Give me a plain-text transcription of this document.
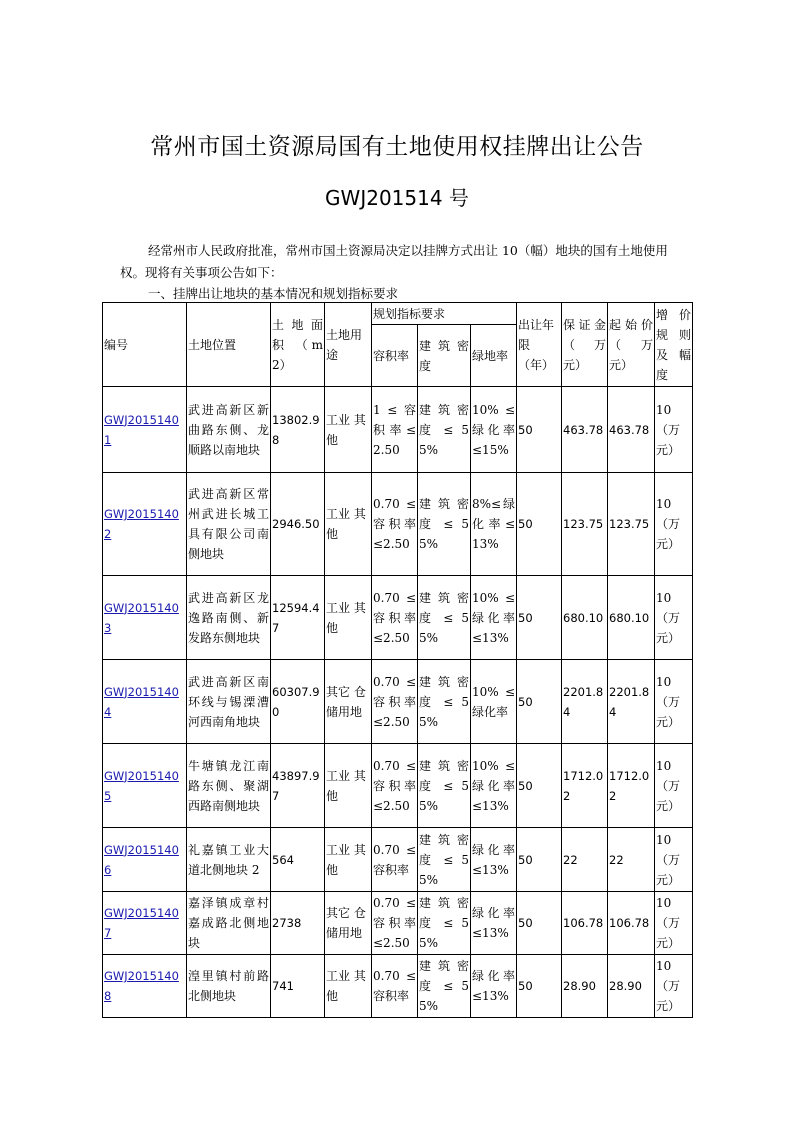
常州市国土资源局国有土地使用权挂牌出让公告
GWJ201514 号
经常州市人民政府批准，常州市国土资源局决定以挂牌方式出让 10（幅）地块的国有土地使用权。现将有关事项公告如下：
一、挂牌出让地块的基本情况和规划指标要求
编号	土地位置	土 地 面 积 （m2）	土地用途	规划指标要求			出让年限 （年）	保证金 （ 万元）	起始价 （ 万元）	增 价 规则 及 幅 度
				容积率	建 筑 密 度	绿地率				
GWJ20151401	武进高新区新曲路东侧、龙顺路以南地块	13802.98	工业 其他	1 ≤ 容积率≤ 2.50	建 筑 密 度 ≤ 55%	10% ≤ 绿化率 ≤15%	50	463.78	463.78	10（万元）
GWJ20151402	武进高新区常州武进长城工具有限公司南侧地块	2946.50	工业 其他	0.70 ≤ 容积率 ≤2.50	建 筑 密 度 ≤ 55%	8%≤绿化率≤ 13%	50	123.75	123.75	10（万元）
GWJ20151403	武进高新区龙逸路南侧、新发路东侧地块	12594.47	工业 其他	0.70 ≤ 容积率 ≤2.50	建 筑 密 度 ≤ 55%	10% ≤ 绿化率 ≤13%	50	680.10	680.10	10（万元）
GWJ20151404	武进高新区南环线与锡溧漕河西南角地块	60307.90	其它 仓储用地	0.70 ≤ 容积率 ≤2.50	建 筑 密 度 ≤ 55%	10% ≤ 绿化率	50	2201.84	2201.84	10（万元）
GWJ20151405	牛塘镇龙江南路东侧、聚湖西路南侧地块	43897.97	工业 其他	0.70 ≤ 容积率 ≤2.50	建 筑 密 度 ≤ 55%	10% ≤ 绿化率 ≤13%	50	1712.02	1712.02	10（万元）
GWJ20151406	礼嘉镇工业大道北侧地块 2	564	工业 其他	0.70 ≤ 容积率	建 筑 密 度 ≤ 55%	绿化率 ≤13%	50	22	22	10（万元）
GWJ20151407	嘉泽镇成章村嘉成路北侧地块	2738	其它 仓储用地	0.70 ≤ 容积率 ≤2.50	建 筑 密 度 ≤ 55%	绿化率 ≤13%	50	106.78	106.78	10（万元）
GWJ20151408	湟里镇村前路北侧地块	741	工业 其他	0.70 ≤ 容积率	建 筑 密 度 ≤ 55%	绿化率 ≤13%	50	28.90	28.90	10（万元）
